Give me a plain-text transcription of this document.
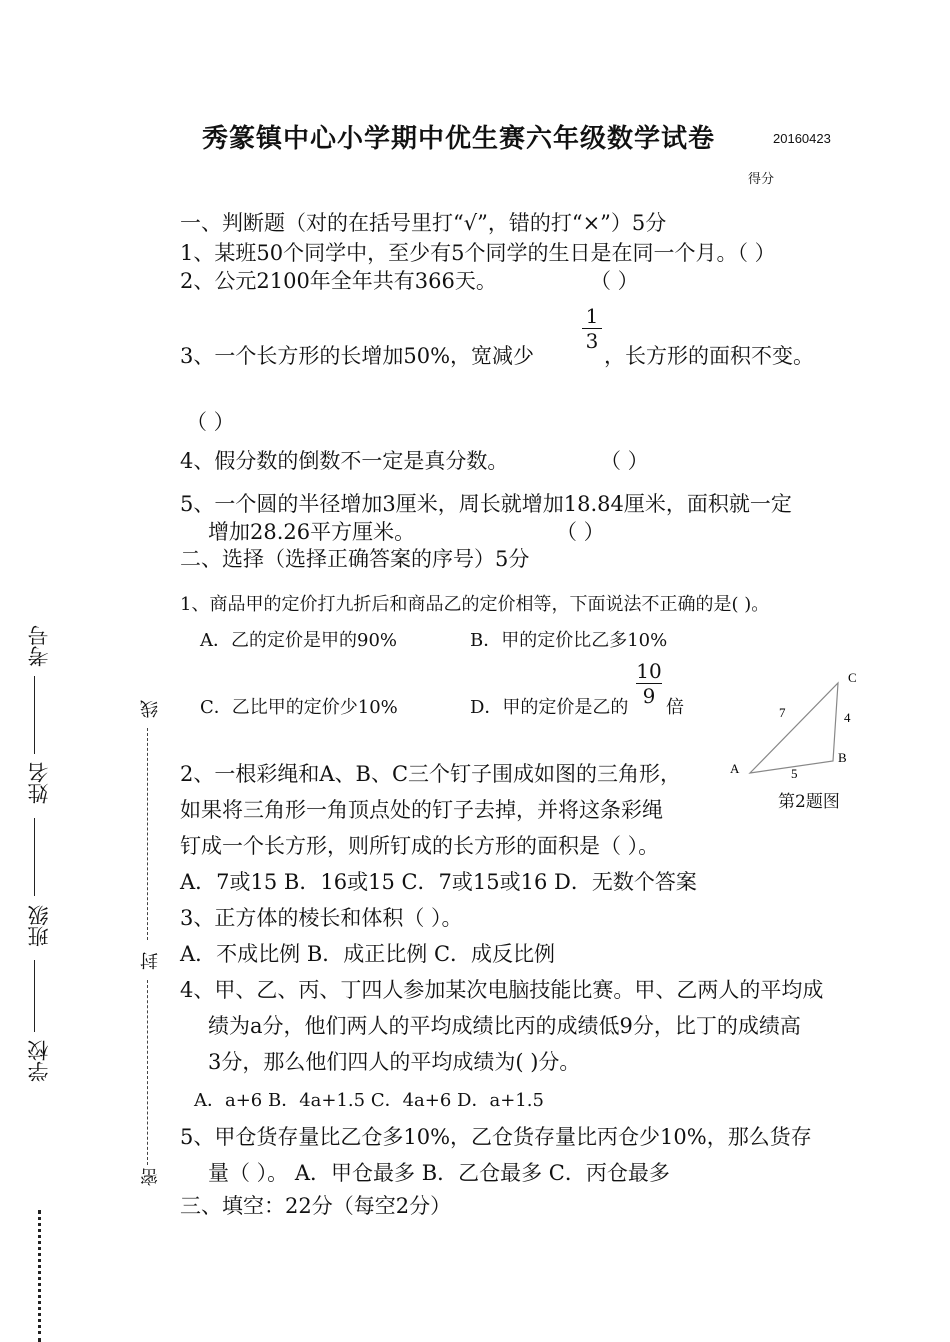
秀篆镇中心小学期中优生赛六年级数学试卷	20160423
得分
一、判断题（对的在括号里打“√”，错的打“×”）5分
1、某班50个同学中，至少有5个同学的生日是在同一个月。（ ）
2、公元2100年全年共有366天。	（ ）
3、一个长方形的长增加50%，宽减少
1
3
，长方形的面积不变。
（ ）
4、假分数的倒数不一定是真分数。	（ ）
5、一个圆的半径增加3厘米，周长就增加18.84厘米，面积就一定
增加28.26平方厘米。	（ ）
二、选择（选择正确答案的序号）5分
1、商品甲的定价打九折后和商品乙的定价相等，下面说法不正确的是( )。
A．乙的定价是甲的90%	B．甲的定价比乙多10%
C．乙比甲的定价少10%	D．甲的定价是乙的
10
9 倍
2、一根彩绳和A、B、C三个钉子围成如图的三角形，
如果将三角形一角顶点处的钉子去掉，并将这条彩绳
钉成一个长方形，则所钉成的长方形的面积是（ ）。
A．7或15 B．16或15 C．7或15或16 D．无数个答案
A
B
C
7	4
5
第2题图
3、正方体的棱长和体积（ ）。
A．不成比例 B．成正比例 C．成反比例
4、甲、乙、丙、丁四人参加某次电脑技能比赛。甲、乙两人的平均成
绩为a分，他们两人的平均成绩比丙的成绩低9分，比丁的成绩高
3分，那么他们四人的平均成绩为( )分。
A．a+6 B．4a+1.5 C．4a+6 D．a+1.5
5、甲仓货存量比乙仓多10%，乙仓货存量比丙仓少10%，那么货存
量（ ）。 A．甲仓最多 B．乙仓最多 C．丙仓最多
三、填空：22分（每空2分）
学校
班级
姓名
考号
线
封
密
